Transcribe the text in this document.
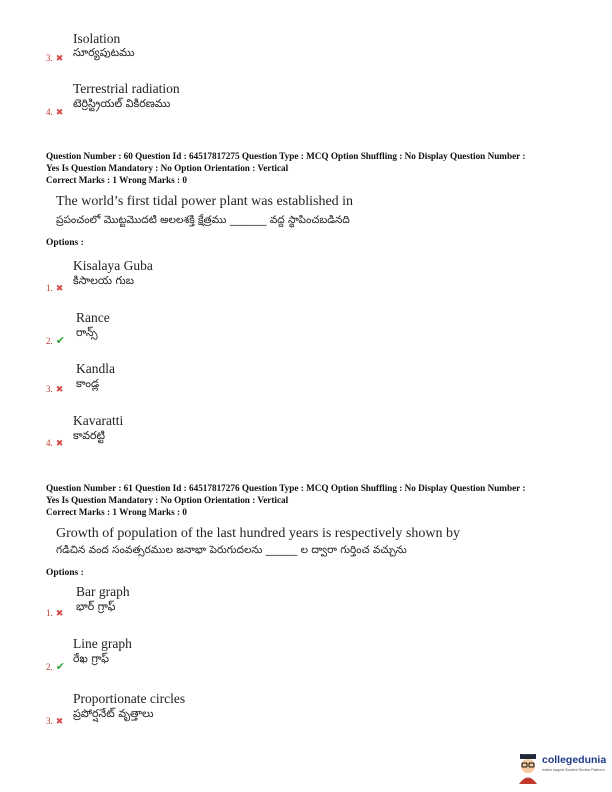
Isolation
సూర్యపుటము
3. ✖
Terrestrial radiation
టెర్రిస్ట్రియల్ వికిరణము
4. ✖
Question Number : 60 Question Id : 64517817275 Question Type : MCQ Option Shuffling : No Display Question Number :
Yes Is Question Mandatory : No Option Orientation : Vertical
Correct Marks : 1 Wrong Marks : 0
The world’s first tidal power plant was established in
ప్రపంచంలో మొట్టమొదటి అలలశక్తి క్షేత్రము _______ వద్ద స్థాపించబడినది
Options :
Kisalaya Guba
కిసాలయ గుబ
1. ✖
Rance
రాన్స్
2. ✔
Kandla
కాండ్ల
3. ✖
Kavaratti
కావరట్టి
4. ✖
Question Number : 61 Question Id : 64517817276 Question Type : MCQ Option Shuffling : No Display Question Number :
Yes Is Question Mandatory : No Option Orientation : Vertical
Correct Marks : 1 Wrong Marks : 0
Growth of population of the last hundred years is respectively shown by
గడిచిన వంద సంవత్సరముల జనాభా పెరుగుదలను ______ ల ద్వారా గుర్తించ వచ్చును
Options :
Bar graph
భార్ గ్రాఫ్
1. ✖
Line graph
రేఖ గ్రాఫ్
2. ✔
Proportionate circles
ప్రపోర్షనేట్ వృత్తాలు
3. ✖
collegedunia
India's largest Student Review Platform
